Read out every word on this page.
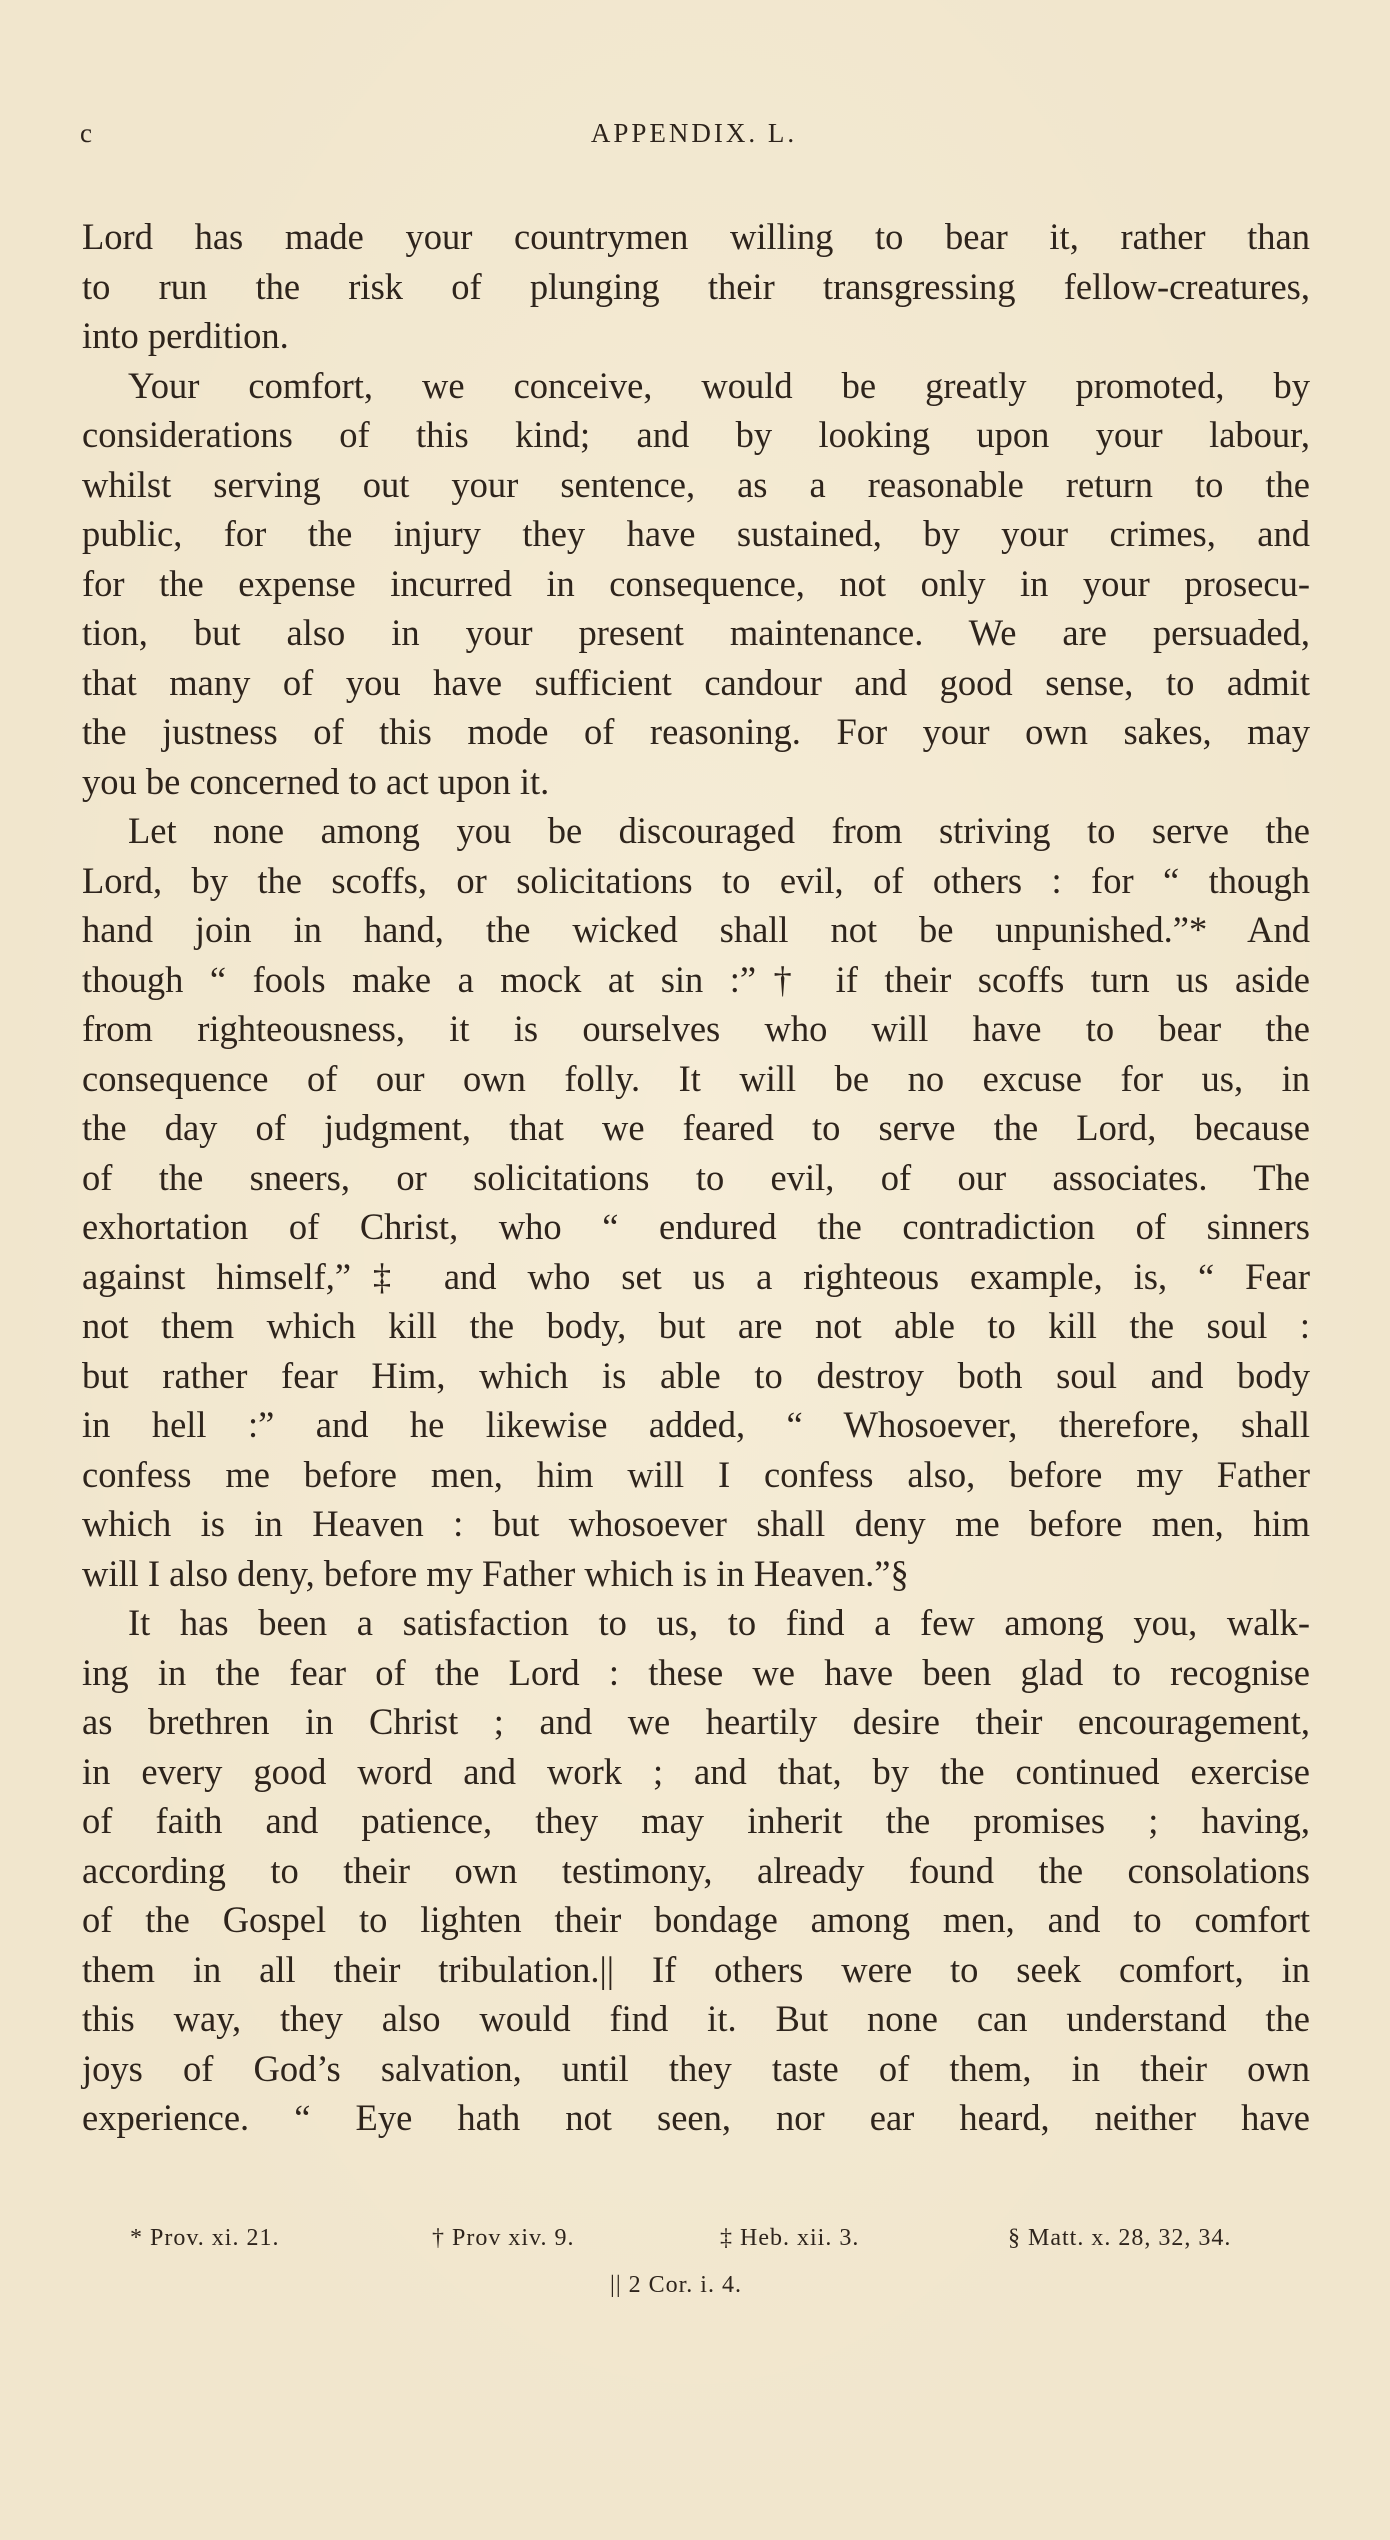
c	APPENDIX. L.
Lord has made your countrymen willing to bear it, rather than
to run the risk of plunging their transgressing fellow-creatures,
into perdition.
Your comfort, we conceive, would be greatly promoted, by
considerations of this kind; and by looking upon your labour,
whilst serving out your sentence, as a reasonable return to the
public, for the injury they have sustained, by your crimes, and
for the expense incurred in consequence, not only in your prosecu-
tion, but also in your present maintenance. We are persuaded,
that many of you have sufficient candour and good sense, to admit
the justness of this mode of reasoning. For your own sakes, may
you be concerned to act upon it.
Let none among you be discouraged from striving to serve the
Lord, by the scoffs, or solicitations to evil, of others : for “ though
hand join in hand, the wicked shall not be unpunished.”* And
though “ fools make a mock at sin :”† if their scoffs turn us aside
from righteousness, it is ourselves who will have to bear the
consequence of our own folly. It will be no excuse for us, in
the day of judgment, that we feared to serve the Lord, because
of the sneers, or solicitations to evil, of our associates. The
exhortation of Christ, who “ endured the contradiction of sinners
against himself,”‡ and who set us a righteous example, is, “ Fear
not them which kill the body, but are not able to kill the soul :
but rather fear Him, which is able to destroy both soul and body
in hell :” and he likewise added, “ Whosoever, therefore, shall
confess me before men, him will I confess also, before my Father
which is in Heaven : but whosoever shall deny me before men, him
will I also deny, before my Father which is in Heaven.”§
It has been a satisfaction to us, to find a few among you, walk-
ing in the fear of the Lord : these we have been glad to recognise
as brethren in Christ ; and we heartily desire their encouragement,
in every good word and work ; and that, by the continued exercise
of faith and patience, they may inherit the promises ; having,
according to their own testimony, already found the consolations
of the Gospel to lighten their bondage among men, and to comfort
them in all their tribulation.|| If others were to seek comfort, in
this way, they also would find it. But none can understand the
joys of God’s salvation, until they taste of them, in their own
experience. “ Eye hath not seen, nor ear heard, neither have
* Prov. xi. 21.	† Prov xiv. 9.	‡ Heb. xii. 3.	§ Matt. x. 28, 32, 34.
|| 2 Cor. i. 4.
